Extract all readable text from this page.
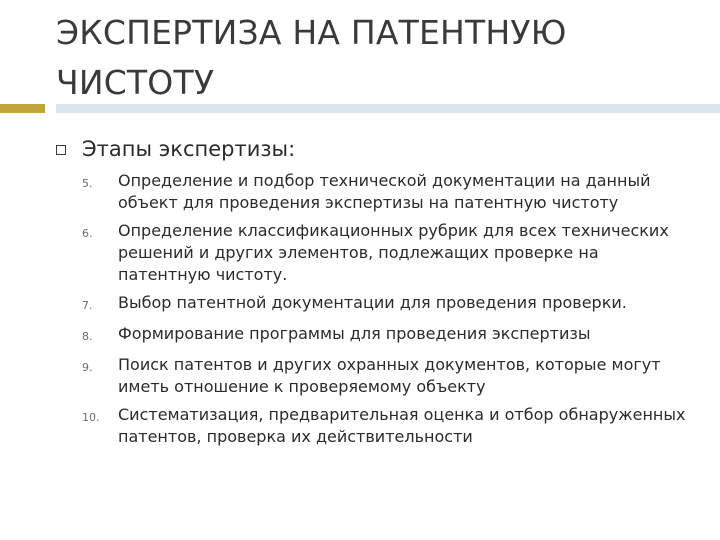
ЭКСПЕРТИЗА НА ПАТЕНТНУЮ ЧИСТОТУ
Этапы экспертизы:
5.	Определение и подбор технической документации на данный объект для проведения экспертизы на патентную чистоту
6.	Определение классификационных рубрик для всех технических решений и других элементов, подлежащих проверке на патентную чистоту.
7.	Выбор патентной документации для проведения проверки.
8.	Формирование программы для проведения экспертизы
9.	Поиск патентов и других охранных документов, которые могут иметь отношение к проверяемому объекту
10.	Систематизация, предварительная оценка и отбор обнаруженных патентов, проверка их действительности
